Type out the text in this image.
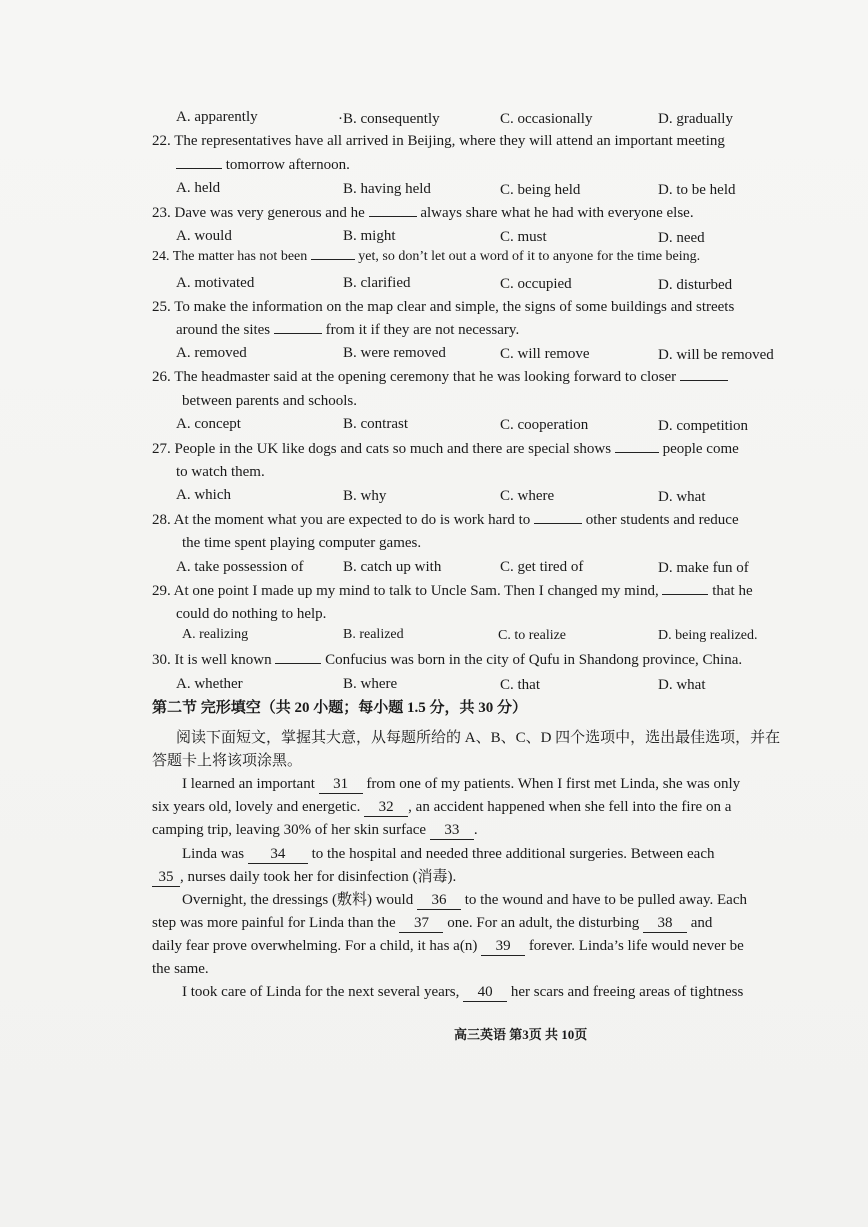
A. apparently	·B. consequently	C. occasionally	D. gradually
22. The representatives have all arrived in Beijing, where they will attend an important meeting
tomorrow afternoon.
A. held	B. having held	C. being held	D. to be held
23. Dave was very generous and he	always share what he had with everyone else.
A. would	B. might	C. must	D. need
24. The matter has not been	yet, so don’t let out a word of it to anyone for the time being.
A. motivated	B. clarified	C. occupied	D. disturbed
25. To make the information on the map clear and simple, the signs of some buildings and streets
around the sites	from it if they are not necessary.
A. removed	B. were removed	C. will remove	D. will be removed
26. The headmaster said at the opening ceremony that he was looking forward to closer
between parents and schools.
A. concept	B. contrast	C. cooperation	D. competition
27. People in the UK like dogs and cats so much and there are special shows	people come
to watch them.
A. which	B. why	C. where	D. what
28. At the moment what you are expected to do is work hard to	other students and reduce
the time spent playing computer games.
A. take possession of	B. catch up with	C. get tired of	D. make fun of
29. At one point I made up my mind to talk to Uncle Sam. Then I changed my mind,	that he
could do nothing to help.
A. realizing	B. realized	C. to realize	D. being realized.
30. It is well known	Confucius was born in the city of Qufu in Shandong province, China.
A. whether	B. where	C. that	D. what
第二节 完形填空（共 20 小题；每小题 1.5 分，共 30 分）
阅读下面短文，掌握其大意，从每题所给的 A、B、C、D 四个选项中，选出最佳选项，并在
答题卡上将该项涂黑。
I learned an important 31 from one of my patients. When I first met Linda, she was only
six years old, lovely and energetic. 32 , an accident happened when she fell into the fire on a
camping trip, leaving 30% of her skin surface 33 .
Linda was 34 to the hospital and needed three additional surgeries. Between each
35 , nurses daily took her for disinfection (消毒).
Overnight, the dressings (敷料) would 36 to the wound and have to be pulled away. Each
step was more painful for Linda than the 37 one. For an adult, the disturbing 38 and
daily fear prove overwhelming. For a child, it has a(n) 39 forever. Linda’s life would never be
the same.
I took care of Linda for the next several years, 40 her scars and freeing areas of tightness
高三英语 第3页 共 10页
